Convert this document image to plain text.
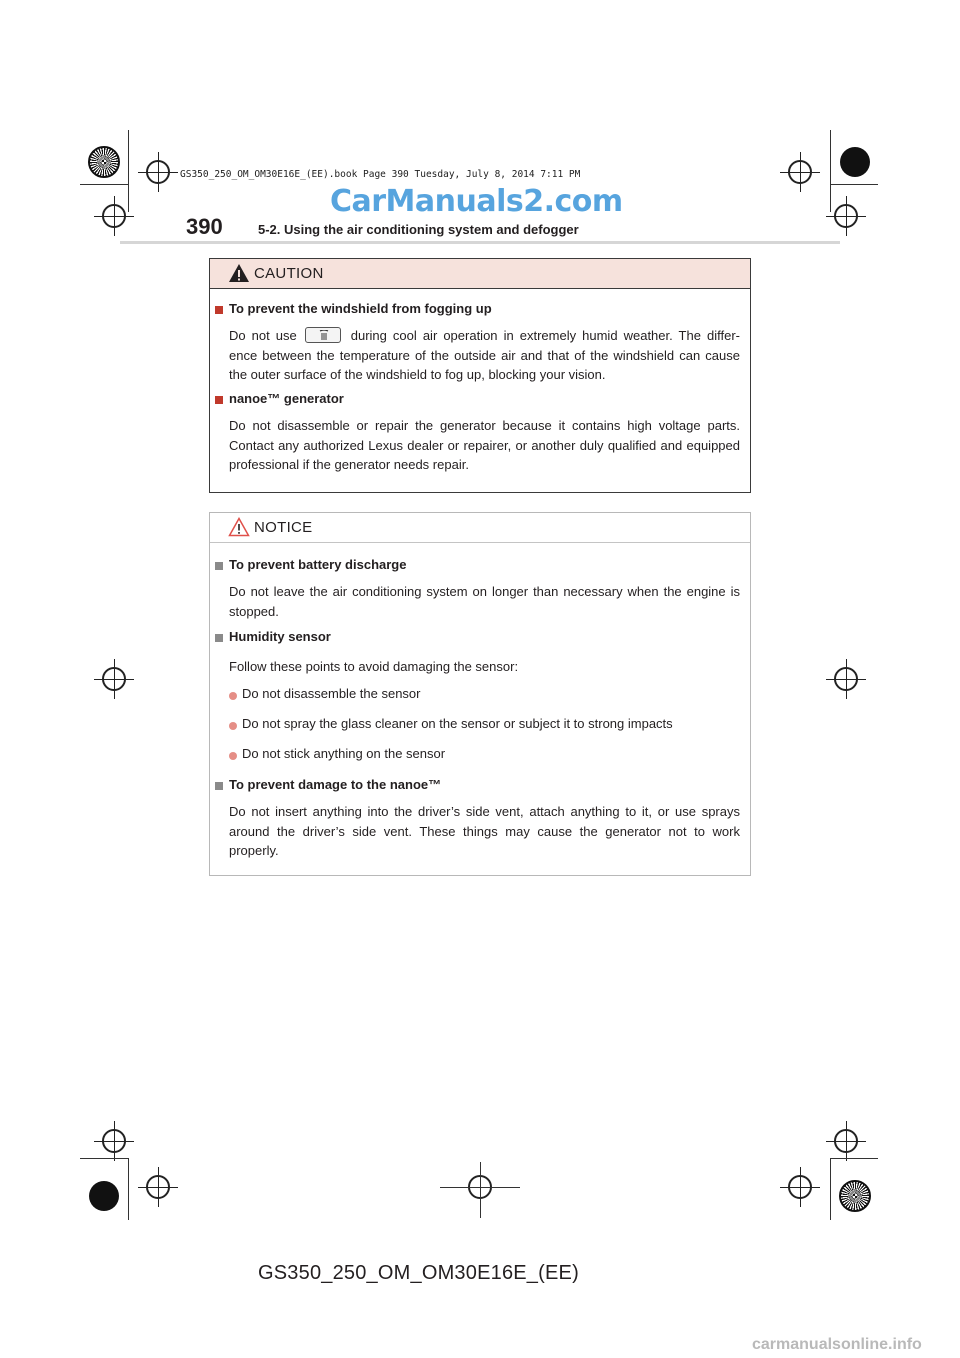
GS350_250_OM_OM30E16E_(EE).book Page 390 Tuesday, July 8, 2014 7:11 PM
CarManuals2.com
390	5-2. Using the air conditioning system and defogger
CAUTION
To prevent the windshield from fogging up
Do not use	during cool air operation in extremely humid weather. The differ- ence between the temperature of the outside air and that of the windshield can cause the outer surface of the windshield to fog up, blocking your vision.
nanoe™ generator
Do not disassemble or repair the generator because it contains high voltage parts. Contact any authorized Lexus dealer or repairer, or another duly qualified and equipped professional if the generator needs repair.
NOTICE
To prevent battery discharge
Do not leave the air conditioning system on longer than necessary when the engine is stopped.
Humidity sensor
Follow these points to avoid damaging the sensor:
Do not disassemble the sensor
Do not spray the glass cleaner on the sensor or subject it to strong impacts
Do not stick anything on the sensor
To prevent damage to the nanoe™
Do not insert anything into the driver’s side vent, attach anything to it, or use sprays around the driver’s side vent. These things may cause the generator not to work properly.
GS350_250_OM_OM30E16E_(EE)
carmanualsonline.info
